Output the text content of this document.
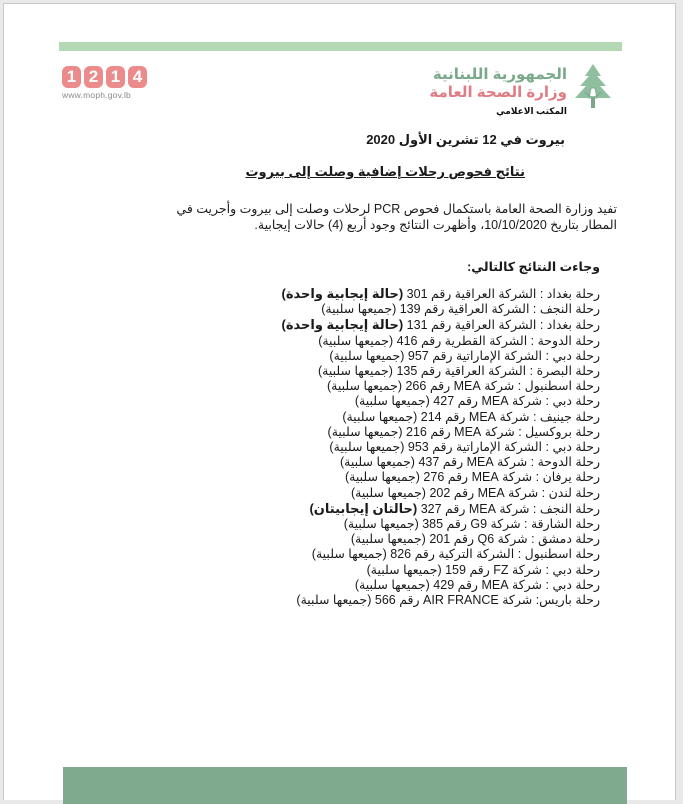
1 2 1 4
www.moph.gov.lb
الجمهورية اللبنانية
وزارة الصحة العامة
المكتب الاعلامي
بيروت في 12 تشرين الأول 2020
نتائج فحوص رحلات إضافية وصلت إلى بيروت

تفيد وزارة الصحة العامة باستكمال فحوص PCR لرحلات وصلت إلى بيروت وأجريت في

المطار بتاريخ 10/10/2020، وأظهرت النتائج وجود أربع (4) حالات إيجابية.

وجاءت النتائج كالتالي:
رحلة بغداد : الشركة العراقية رقم 301 (حالة إيجابية واحدة)
رحلة النجف : الشركة العراقية رقم 139 (جميعها سلبية)
رحلة بغداد : الشركة العراقية رقم 131 (حالة إيجابية واحدة)
رحلة الدوحة : الشركة القطرية رقم 416 (جميعها سلبية)
رحلة دبي : الشركة الإماراتية رقم 957 (جميعها سلبية)
رحلة البصرة : الشركة العراقية رقم 135 (جميعها سلبية)
رحلة اسطنبول : شركة MEA رقم 266 (جميعها سلبية)
رحلة دبي : شركة MEA رقم 427 (جميعها سلبية)
رحلة جينيف : شركة MEA رقم 214 (جميعها سلبية)
رحلة بروكسيل : شركة MEA رقم 216 (جميعها سلبية)
رحلة دبي : الشركة الإماراتية رقم 953 (جميعها سلبية)
رحلة الدوحة : شركة MEA رقم 437 (جميعها سلبية)
رحلة يرفان : شركة MEA رقم 276 (جميعها سلبية)
رحلة لندن : شركة MEA رقم 202 (جميعها سلبية)
رحلة النجف : شركة MEA رقم 327 (حالتان إيجابيتان)
رحلة الشارقة : شركة G9 رقم 385 (جميعها سلبية)
رحلة دمشق : شركة Q6 رقم 201 (جميعها سلبية)
رحلة اسطنبول : الشركة التركية رقم 826 (جميعها سلبية)
رحلة دبي : شركة FZ رقم 159 (جميعها سلبية)
رحلة دبي : شركة MEA رقم 429 (جميعها سلبية)
رحلة باريس: شركة AIR FRANCE رقم 566 (جميعها سلبية)
